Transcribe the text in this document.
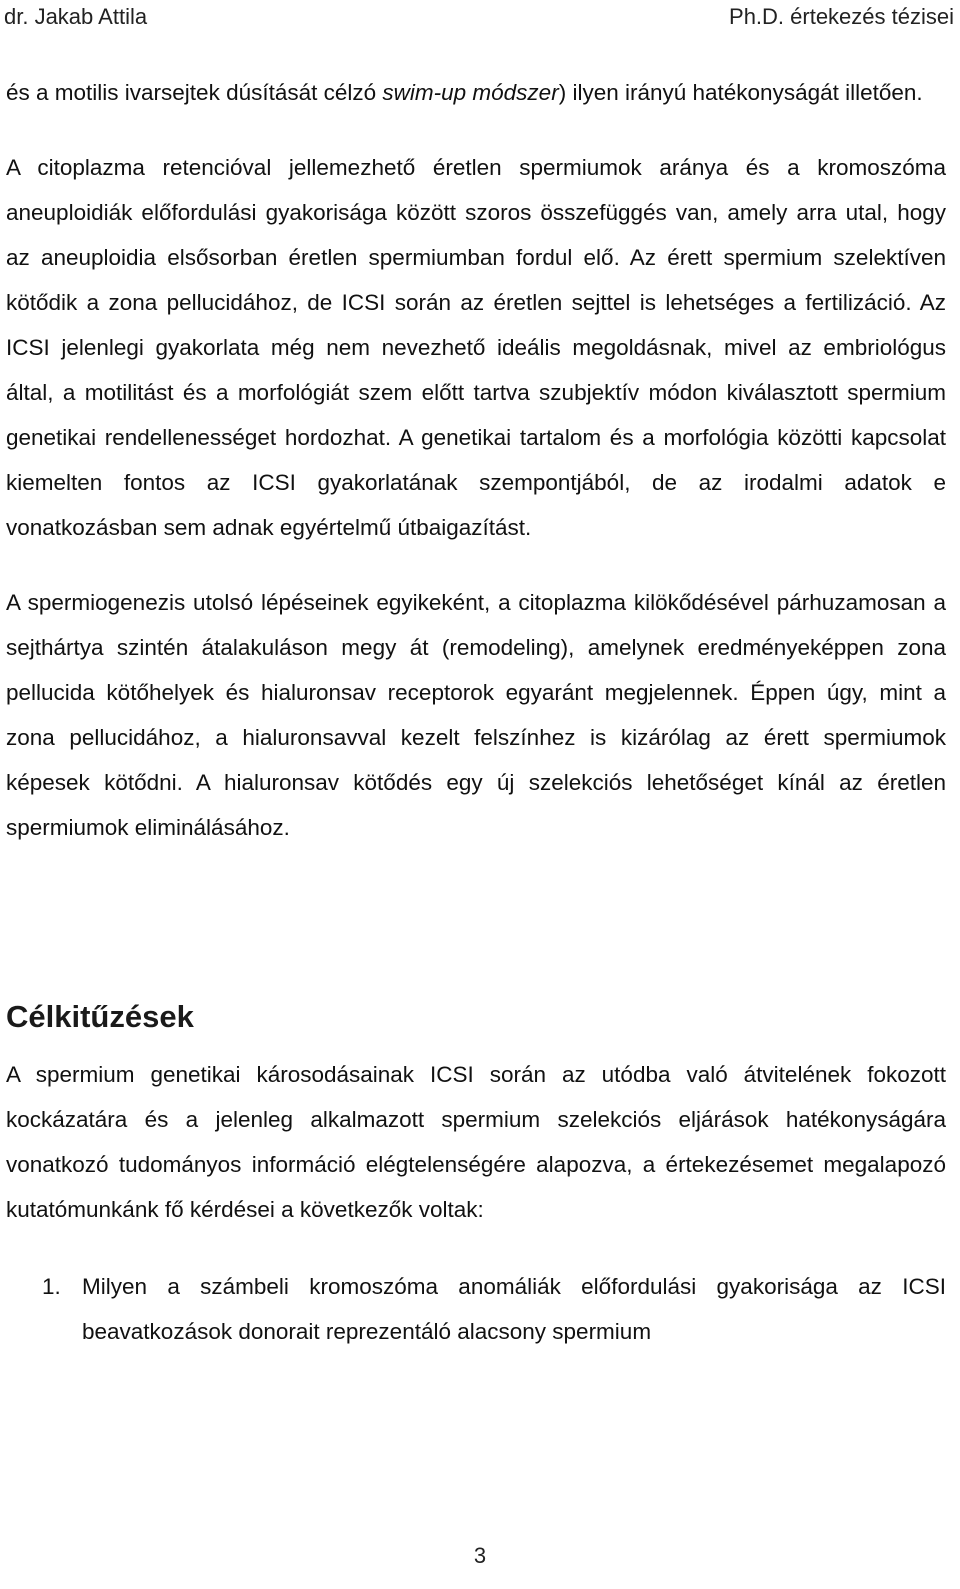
dr. Jakab Attila	Ph.D. értekezés tézisei

és a motilis ivarsejtek dúsítását célzó swim-up módszer) ilyen irányú hatékonyságát illetően.

A citoplazma retencióval jellemezhető éretlen spermiumok aránya és a kromoszóma aneuploidiák előfordulási gyakorisága között szoros összefüggés van, amely arra utal, hogy az aneuploidia elsősorban éretlen spermiumban fordul elő. Az érett spermium szelektíven kötődik a zona pellucidához, de ICSI során az éretlen sejttel is lehetséges a fertilizáció. Az ICSI jelenlegi gyakorlata még nem nevezhető ideális megoldásnak, mivel az embriológus által, a motilitást és a morfológiát szem előtt tartva szubjektív módon kiválasztott spermium genetikai rendellenességet hordozhat. A genetikai tartalom és a morfológia közötti kapcsolat kiemelten fontos az ICSI gyakorlatának szempontjából, de az irodalmi adatok e vonatkozásban sem adnak egyértelmű útbaigazítást.

A spermiogenezis utolsó lépéseinek egyikeként, a citoplazma kilökődésével párhuzamosan a sejthártya szintén átalakuláson megy át (remodeling), amelynek eredményeképpen zona pellucida kötőhelyek és hialuronsav receptorok egyaránt megjelennek. Éppen úgy, mint a zona pellucidához, a hialuronsavval kezelt felszínhez is kizárólag az érett spermiumok képesek kötődni. A hialuronsav kötődés egy új szelekciós lehetőséget kínál az éretlen spermiumok eliminálásához.

Célkitűzések

A spermium genetikai károsodásainak ICSI során az utódba való átvitelének fokozott kockázatára és a jelenleg alkalmazott spermium szelekciós eljárások hatékonyságára vonatkozó tudományos információ elégtelenségére alapozva, a értekezésemet megalapozó kutatómunkánk fő kérdései a következők voltak:

1. Milyen a számbeli kromoszóma anomáliák előfordulási gyakorisága az ICSI beavatkozások donorait reprezentáló alacsony spermium
3
